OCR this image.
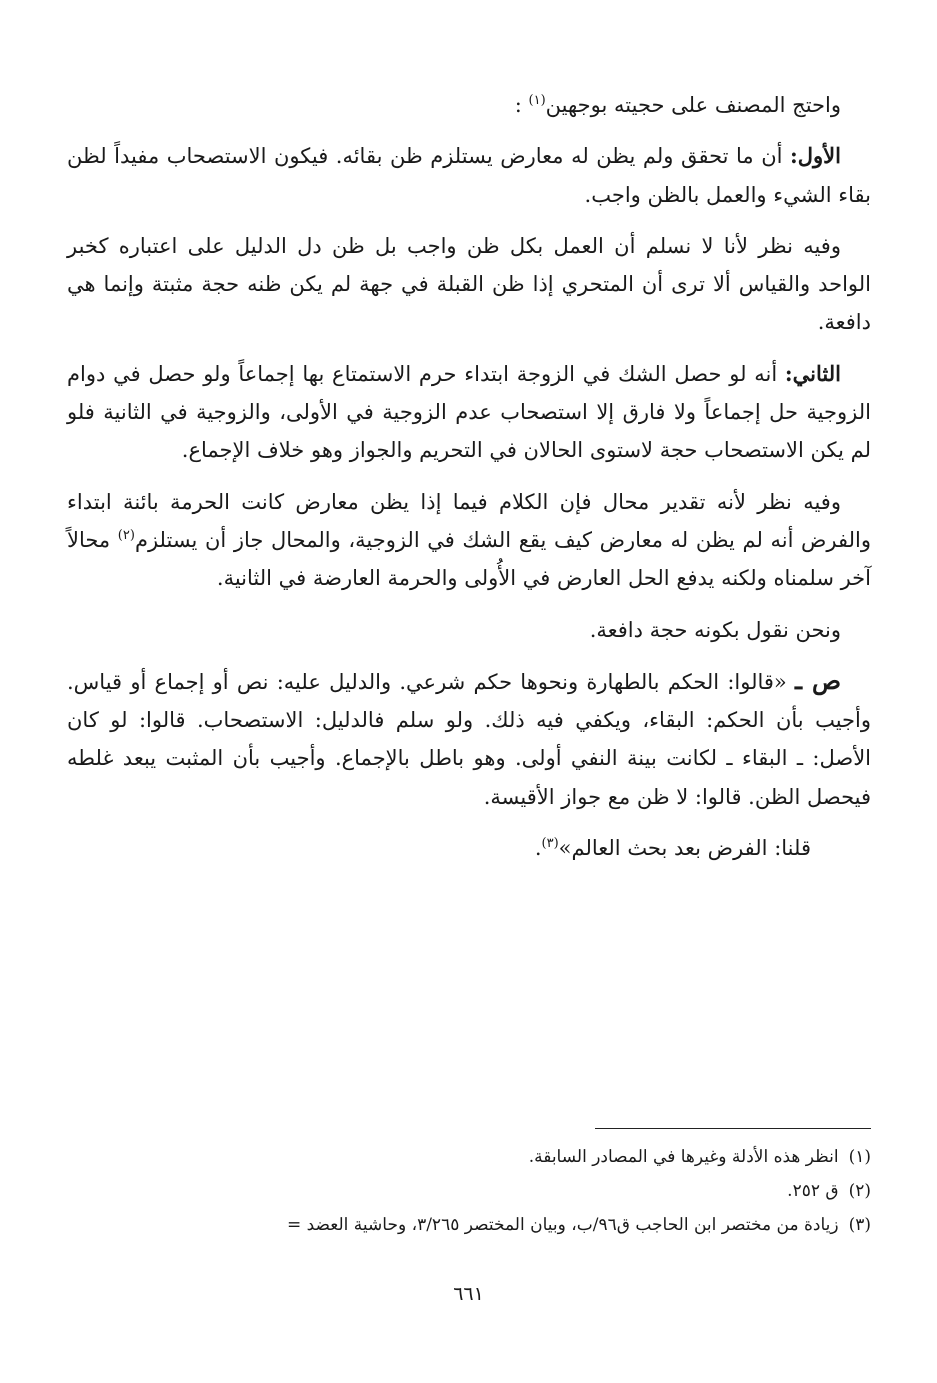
واحتج المصنف على حجيته بوجهين$^{(١)}$ :

الأول: أن ما تحقق ولم يظن له معارض يستلزم ظن بقائه. فيكون الاستصحاب مفيداً لظن بقاء الشيء والعمل بالظن واجب.

وفيه نظر لأنا لا نسلم أن العمل بكل ظن واجب بل ظن دل الدليل على اعتباره كخبر الواحد والقياس ألا ترى أن المتحري إذا ظن القبلة في جهة لم يكن ظنه حجة مثبتة وإنما هي دافعة.

الثاني: أنه لو حصل الشك في الزوجة ابتداء حرم الاستمتاع بها إجماعاً ولو حصل في دوام الزوجية حل إجماعاً ولا فارق إلا استصحاب عدم الزوجية في الأولى، والزوجية في الثانية فلو لم يكن الاستصحاب حجة لاستوى الحالان في التحريم والجواز وهو خلاف الإجماع.

وفيه نظر لأنه تقدير محال فإن الكلام فيما إذا يظن معارض كانت الحرمة بائنة ابتداء والفرض أنه لم يظن له معارض كيف يقع الشك في الزوجية، والمحال جاز أن يستلزم$^{(٢)}$ محالاً آخر سلمناه ولكنه يدفع الحل العارض في الأُولى والحرمة العارضة في الثانية.

ونحن نقول بكونه حجة دافعة.

ص ـ «قالوا: الحكم بالطهارة ونحوها حكم شرعي. والدليل عليه: نص أو إجماع أو قياس. وأجيب بأن الحكم: البقاء، ويكفي فيه ذلك. ولو سلم فالدليل: الاستصحاب. قالوا: لو كان الأصل: ـ البقاء ـ لكانت بينة النفي أولى. وهو باطل بالإجماع. وأجيب بأن المثبت يبعد غلطه فيحصل الظن. قالوا: لا ظن مع جواز الأقيسة.

قلنا: الفرض بعد بحث العالم»$^{(٣)}$.

(١)انظر هذه الأدلة وغيرها في المصادر السابقة.
(٢)ق ٢٥٢.
(٣)زيادة من مختصر ابن الحاجب ق٩٦/ب، وبيان المختصر ٣/٢٦٥، وحاشية العضد =
٦٦١
